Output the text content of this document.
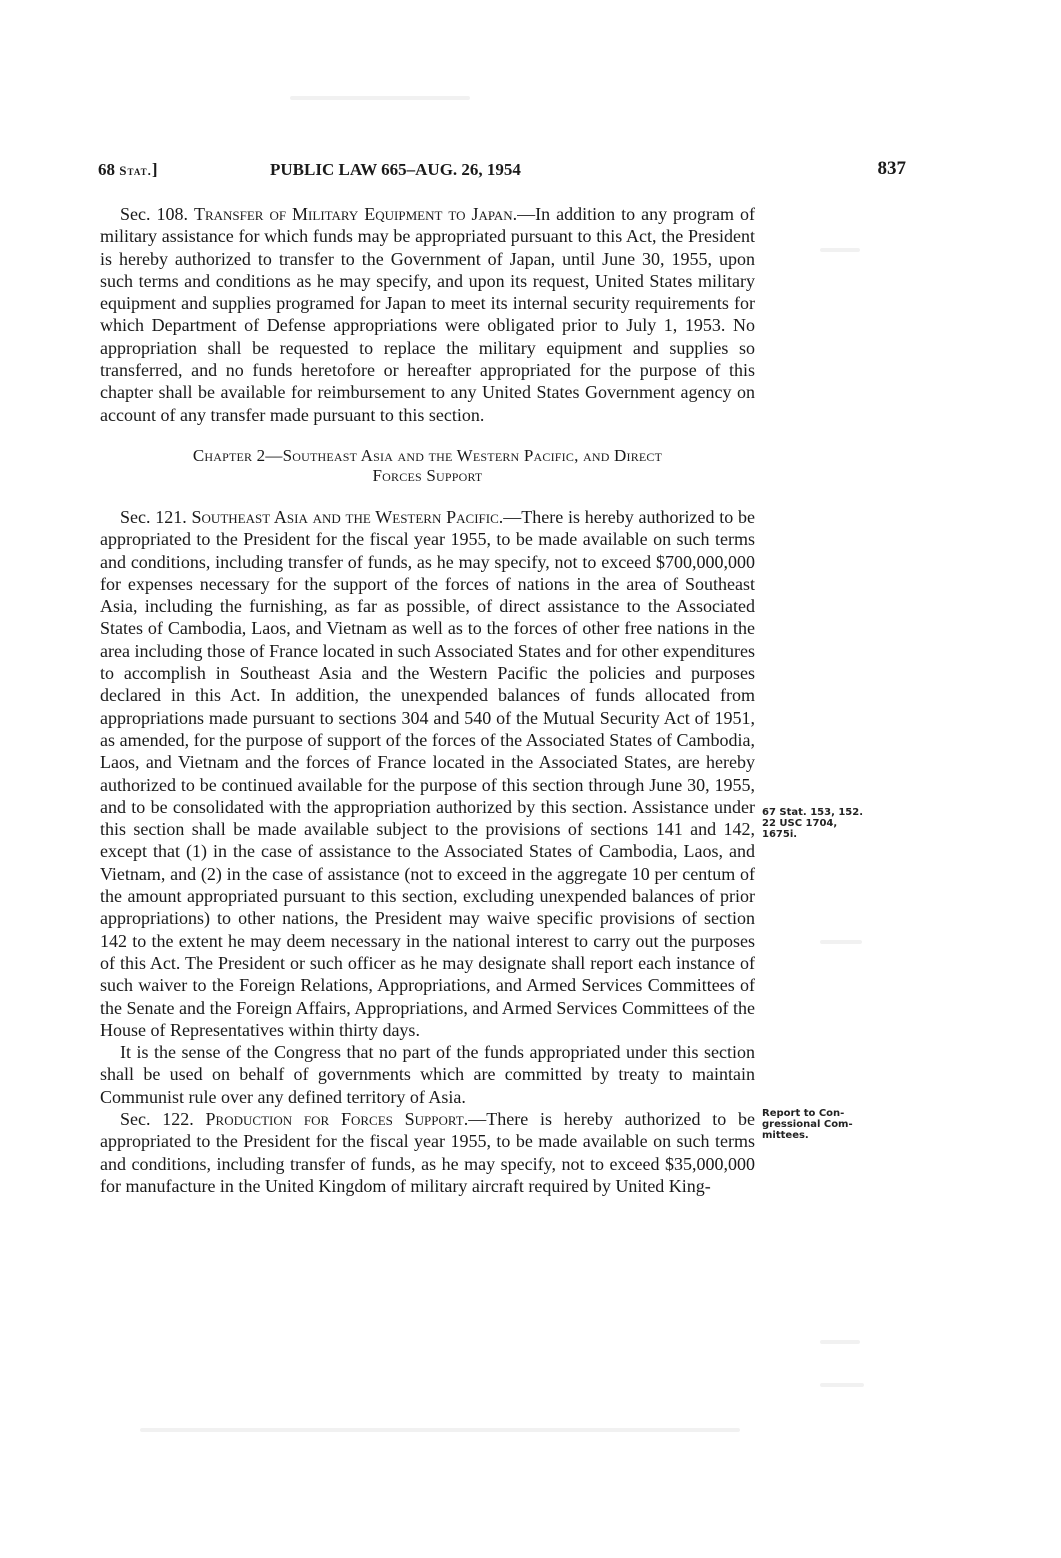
68 Stat.]	PUBLIC LAW 665–AUG. 26, 1954	837

Sec. 108. Transfer of Military Equipment to Japan.—In addition to any program of military assistance for which funds may be appropriated pursuant to this Act, the President is hereby authorized to transfer to the Government of Japan, until June 30, 1955, upon such terms and conditions as he may specify, and upon its request, United States military equipment and supplies programed for Japan to meet its internal security requirements for which Department of Defense appropriations were obligated prior to July 1, 1953. No appropriation shall be requested to replace the military equipment and supplies so transferred, and no funds heretofore or hereafter appropriated for the purpose of this chapter shall be available for reimbursement to any United States Government agency on account of any transfer made pursuant to this section.

Chapter 2—Southeast Asia and the Western Pacific, and Direct
Forces Support

Sec. 121. Southeast Asia and the Western Pacific.—There is hereby authorized to be appropriated to the President for the fiscal year 1955, to be made available on such terms and conditions, including transfer of funds, as he may specify, not to exceed $700,000,000 for expenses necessary for the support of the forces of nations in the area of Southeast Asia, including the furnishing, as far as possible, of direct assistance to the Associated States of Cambodia, Laos, and Vietnam as well as to the forces of other free nations in the area including those of France located in such Associated States and for other expenditures to accomplish in Southeast Asia and the Western Pacific the policies and purposes declared in this Act. In addition, the unexpended balances of funds allocated from appropriations made pursuant to sections 304 and 540 of the Mutual Security Act of 1951, as amended, for the purpose of support of the forces of the Associated States of Cambodia, Laos, and Vietnam and the forces of France located in the Associated States, are hereby authorized to be continued available for the purpose of this section through June 30, 1955, and to be consolidated with the appropriation authorized by this section. Assistance under this section shall be made available subject to the provisions of sections 141 and 142, except that (1) in the case of assistance to the Associated States of Cambodia, Laos, and Vietnam, and (2) in the case of assistance (not to exceed in the aggregate 10 per centum of the amount appropriated pursuant to this section, excluding unexpended balances of prior appropriations) to other nations, the President may waive specific provisions of section 142 to the extent he may deem necessary in the national interest to carry out the purposes of this Act. The President or such officer as he may designate shall report each instance of such waiver to the Foreign Relations, Appropriations, and Armed Services Committees of the Senate and the Foreign Affairs, Appropriations, and Armed Services Committees of the House of Representatives within thirty days.

It is the sense of the Congress that no part of the funds appropriated under this section shall be used on behalf of governments which are committed by treaty to maintain Communist rule over any defined territory of Asia.

Sec. 122. Production for Forces Support.—There is hereby authorized to be appropriated to the President for the fiscal year 1955, to be made available on such terms and conditions, including transfer of funds, as he may specify, not to exceed $35,000,000 for manufacture in the United Kingdom of military aircraft required by United King-

67 Stat. 153, 152.
22 USC 1704,
1675i.
Report to Con-
gressional Com-
mittees.
